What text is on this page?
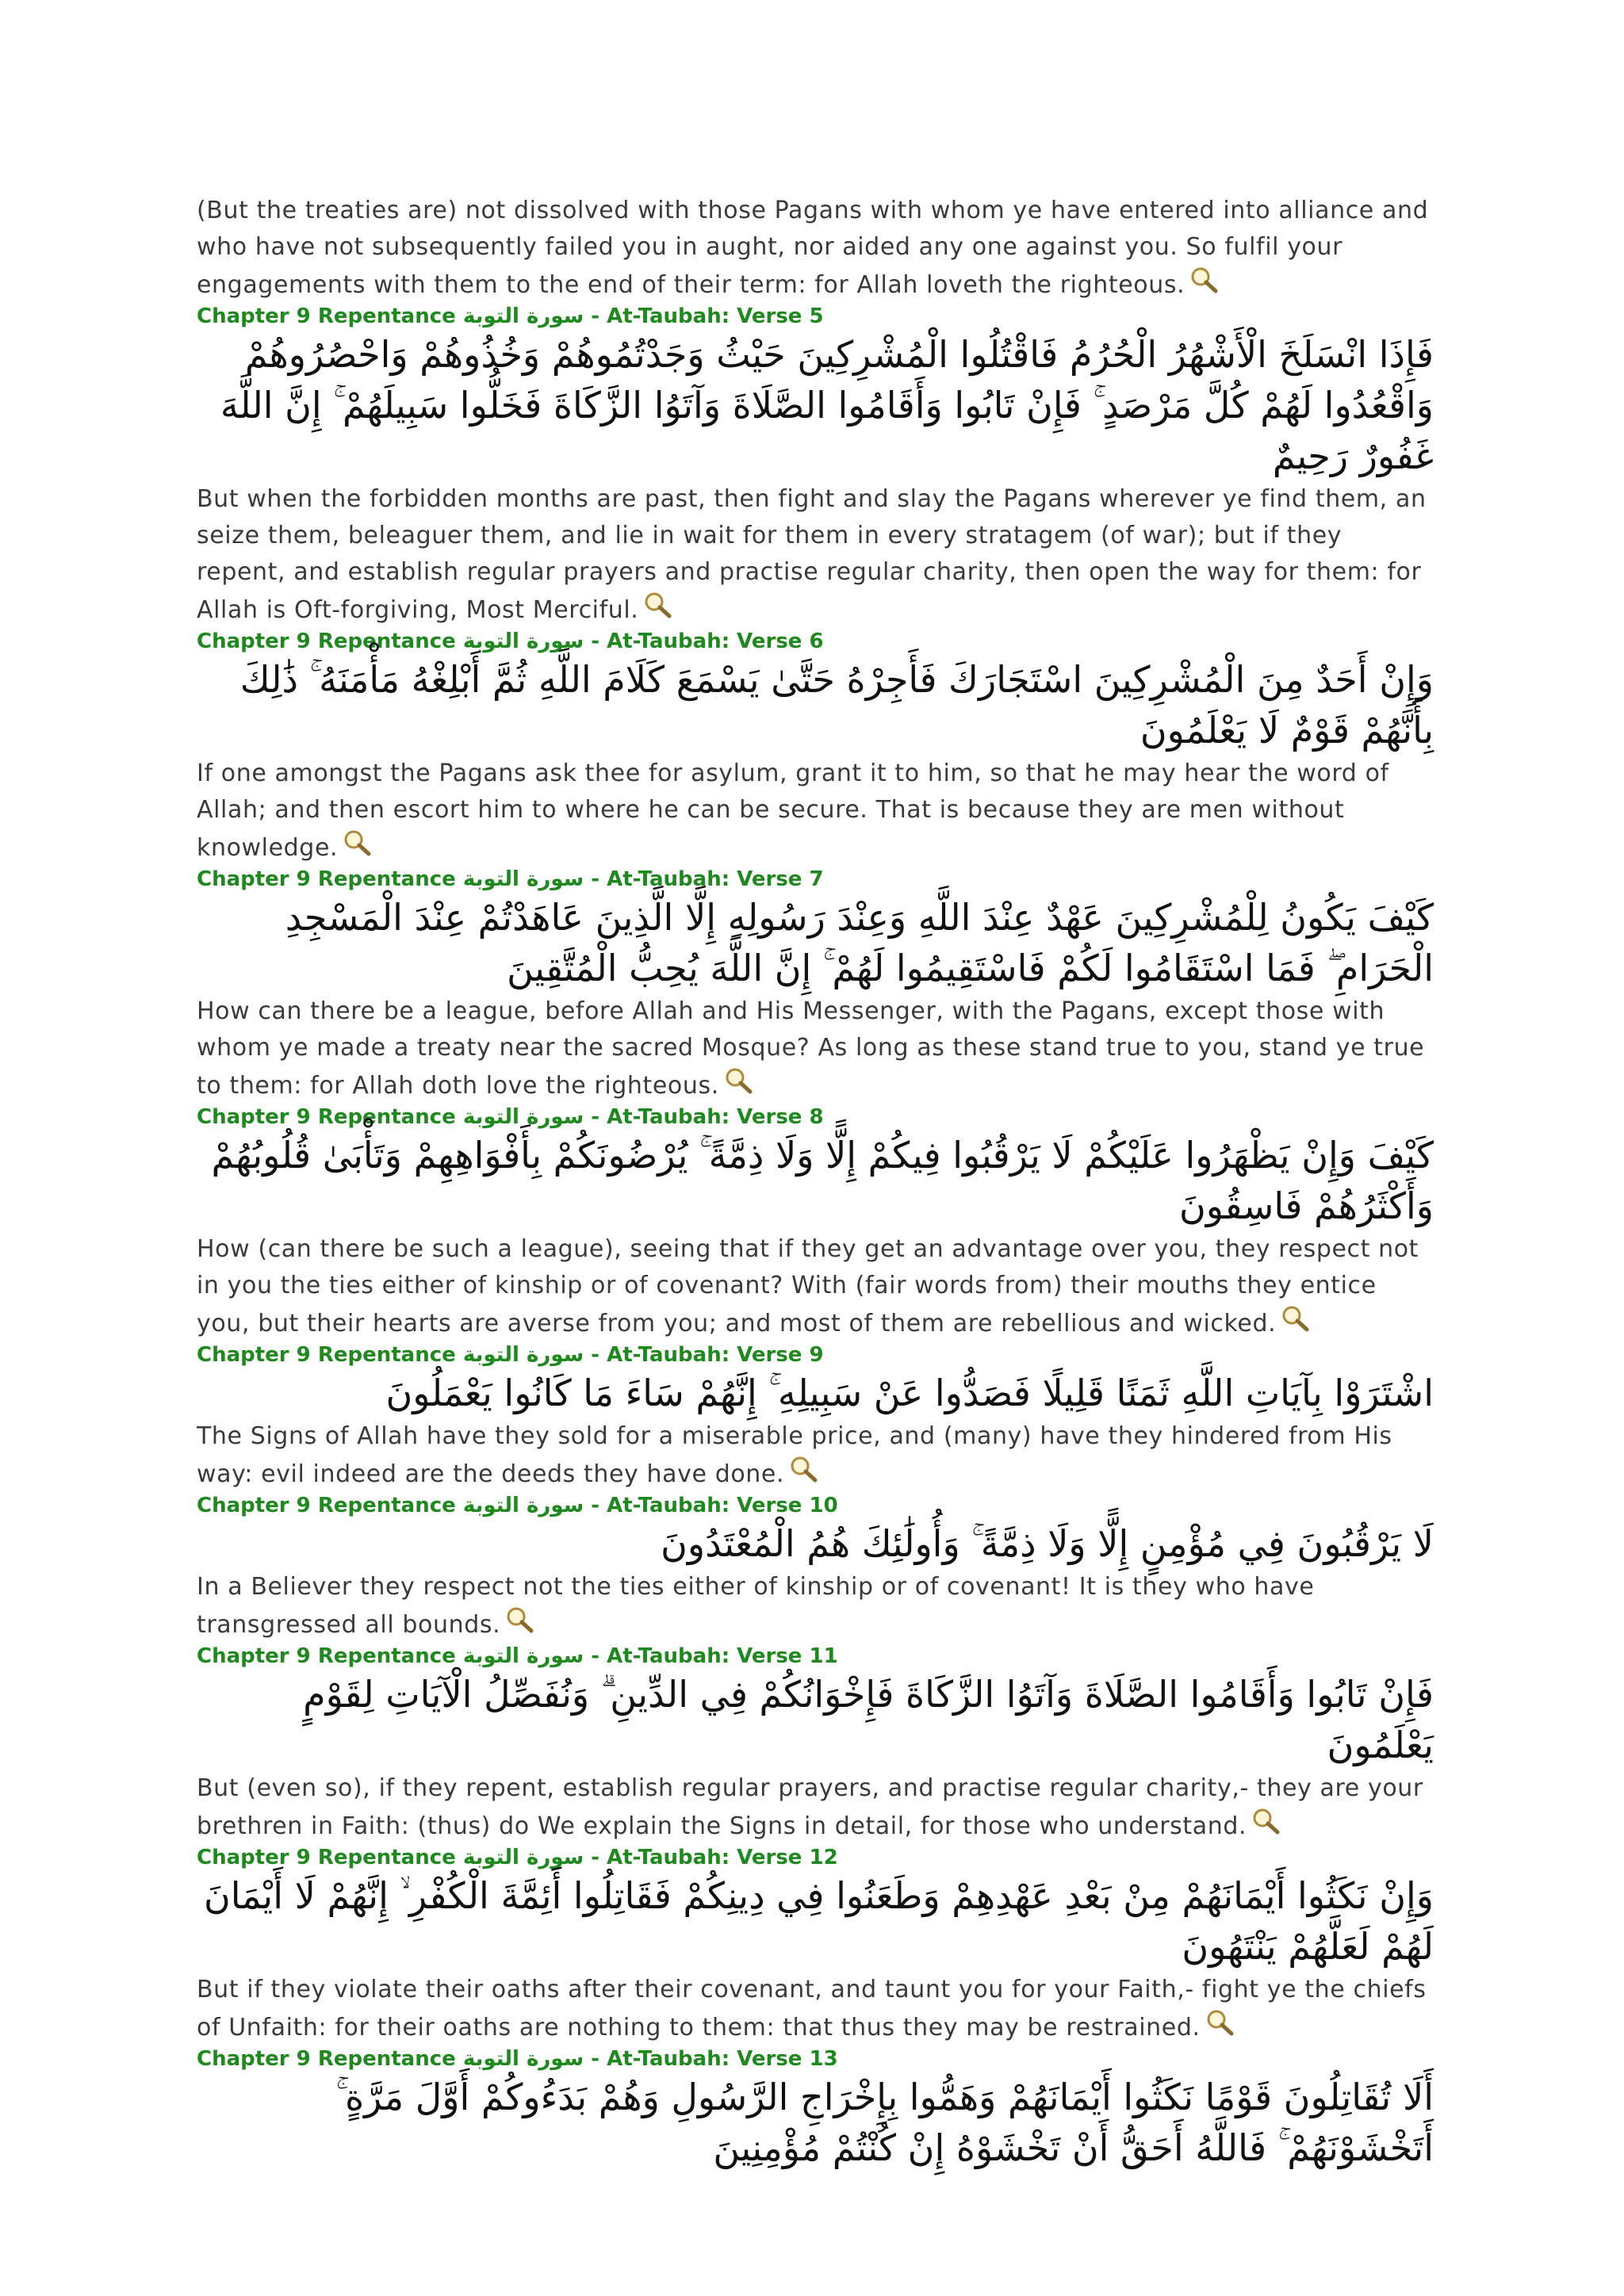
(But the treaties are) not dissolved with those Pagans with whom ye have entered into alliance and who have not subsequently failed you in aught, nor aided any one against you. So fulfil your engagements with them to the end of their term: for Allah loveth the righteous.

Chapter 9 Repentance سورة التوبة - At-Taubah: Verse 5

فَإِذَا انْسَلَخَ الْأَشْهُرُ الْحُرُمُ فَاقْتُلُوا الْمُشْرِكِينَ حَيْثُ وَجَدْتُمُوهُمْ وَخُذُوهُمْ وَاحْصُرُوهُمْ وَاقْعُدُوا لَهُمْ كُلَّ مَرْصَدٍ ۚ فَإِنْ تَابُوا وَأَقَامُوا الصَّلَاةَ وَآتَوُا الزَّكَاةَ فَخَلُّوا سَبِيلَهُمْ ۚ إِنَّ اللَّهَ غَفُورٌ رَحِيمٌ

But when the forbidden months are past, then fight and slay the Pagans wherever ye find them, an seize them, beleaguer them, and lie in wait for them in every stratagem (of war); but if they repent, and establish regular prayers and practise regular charity, then open the way for them: for Allah is Oft-forgiving, Most Merciful.

Chapter 9 Repentance سورة التوبة - At-Taubah: Verse 6

وَإِنْ أَحَدٌ مِنَ الْمُشْرِكِينَ اسْتَجَارَكَ فَأَجِرْهُ حَتَّىٰ يَسْمَعَ كَلَامَ اللَّهِ ثُمَّ أَبْلِغْهُ مَأْمَنَهُ ۚ ذَٰلِكَ بِأَنَّهُمْ قَوْمٌ لَا يَعْلَمُونَ

If one amongst the Pagans ask thee for asylum, grant it to him, so that he may hear the word of Allah; and then escort him to where he can be secure. That is because they are men without knowledge.

Chapter 9 Repentance سورة التوبة - At-Taubah: Verse 7

كَيْفَ يَكُونُ لِلْمُشْرِكِينَ عَهْدٌ عِنْدَ اللَّهِ وَعِنْدَ رَسُولِهِ إِلَّا الَّذِينَ عَاهَدْتُمْ عِنْدَ الْمَسْجِدِ الْحَرَامِ ۖ فَمَا اسْتَقَامُوا لَكُمْ فَاسْتَقِيمُوا لَهُمْ ۚ إِنَّ اللَّهَ يُحِبُّ الْمُتَّقِينَ

How can there be a league, before Allah and His Messenger, with the Pagans, except those with whom ye made a treaty near the sacred Mosque? As long as these stand true to you, stand ye true to them: for Allah doth love the righteous.

Chapter 9 Repentance سورة التوبة - At-Taubah: Verse 8

كَيْفَ وَإِنْ يَظْهَرُوا عَلَيْكُمْ لَا يَرْقُبُوا فِيكُمْ إِلًّا وَلَا ذِمَّةً ۚ يُرْضُونَكُمْ بِأَفْوَاهِهِمْ وَتَأْبَىٰ قُلُوبُهُمْ وَأَكْثَرُهُمْ فَاسِقُونَ

How (can there be such a league), seeing that if they get an advantage over you, they respect not in you the ties either of kinship or of covenant? With (fair words from) their mouths they entice you, but their hearts are averse from you; and most of them are rebellious and wicked.

Chapter 9 Repentance سورة التوبة - At-Taubah: Verse 9

اشْتَرَوْا بِآيَاتِ اللَّهِ ثَمَنًا قَلِيلًا فَصَدُّوا عَنْ سَبِيلِهِ ۚ إِنَّهُمْ سَاءَ مَا كَانُوا يَعْمَلُونَ

The Signs of Allah have they sold for a miserable price, and (many) have they hindered from His way: evil indeed are the deeds they have done.

Chapter 9 Repentance سورة التوبة - At-Taubah: Verse 10

لَا يَرْقُبُونَ فِي مُؤْمِنٍ إِلًّا وَلَا ذِمَّةً ۚ وَأُولَٰئِكَ هُمُ الْمُعْتَدُونَ

In a Believer they respect not the ties either of kinship or of covenant! It is they who have transgressed all bounds.

Chapter 9 Repentance سورة التوبة - At-Taubah: Verse 11

فَإِنْ تَابُوا وَأَقَامُوا الصَّلَاةَ وَآتَوُا الزَّكَاةَ فَإِخْوَانُكُمْ فِي الدِّينِ ۗ وَنُفَصِّلُ الْآيَاتِ لِقَوْمٍ يَعْلَمُونَ

But (even so), if they repent, establish regular prayers, and practise regular charity,- they are your brethren in Faith: (thus) do We explain the Signs in detail, for those who understand.

Chapter 9 Repentance سورة التوبة - At-Taubah: Verse 12

وَإِنْ نَكَثُوا أَيْمَانَهُمْ مِنْ بَعْدِ عَهْدِهِمْ وَطَعَنُوا فِي دِينِكُمْ فَقَاتِلُوا أَئِمَّةَ الْكُفْرِ ۙ إِنَّهُمْ لَا أَيْمَانَ لَهُمْ لَعَلَّهُمْ يَنْتَهُونَ

But if they violate their oaths after their covenant, and taunt you for your Faith,- fight ye the chiefs of Unfaith: for their oaths are nothing to them: that thus they may be restrained.

Chapter 9 Repentance سورة التوبة - At-Taubah: Verse 13

أَلَا تُقَاتِلُونَ قَوْمًا نَكَثُوا أَيْمَانَهُمْ وَهَمُّوا بِإِخْرَاجِ الرَّسُولِ وَهُمْ بَدَءُوكُمْ أَوَّلَ مَرَّةٍ ۚ أَتَخْشَوْنَهُمْ ۚ فَاللَّهُ أَحَقُّ أَنْ تَخْشَوْهُ إِنْ كُنْتُمْ مُؤْمِنِينَ
